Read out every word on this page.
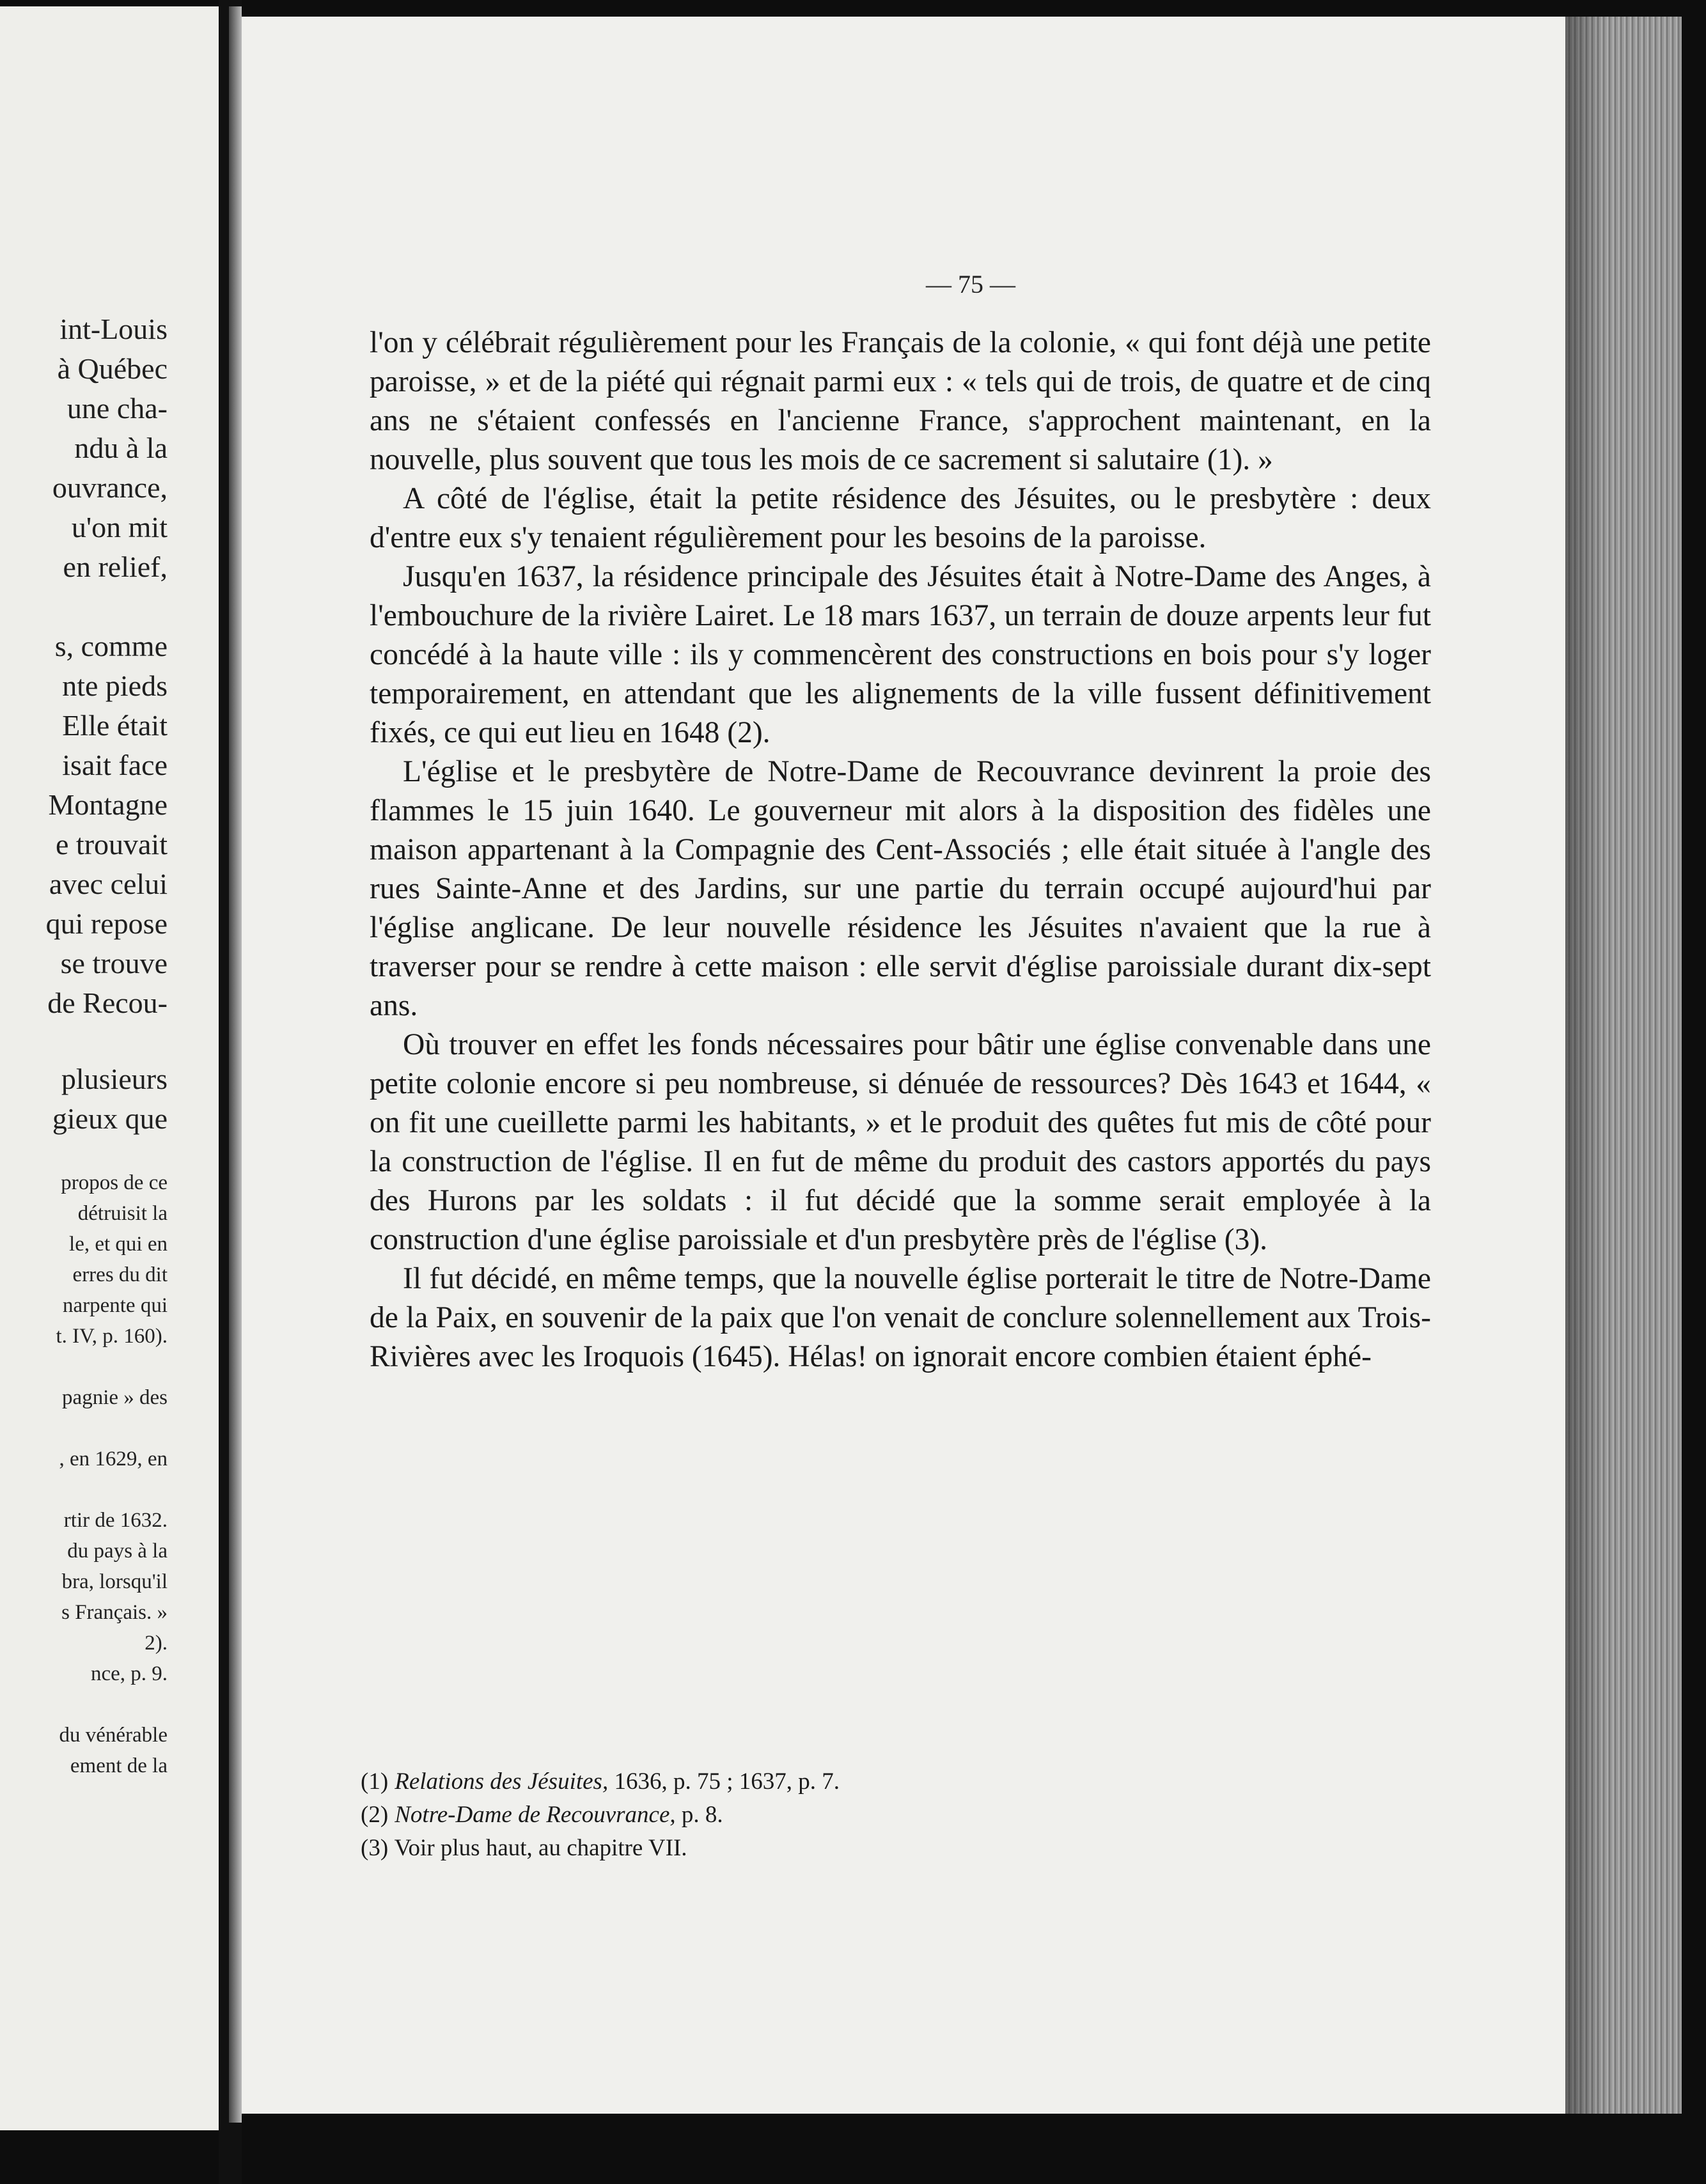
int-Louis
à Québec
une cha-
ndu à la
ouvrance,
u'on mit
en relief,
s, comme
nte pieds
Elle était
isait face
Montagne
e trouvait
avec celui
qui repose
se trouve
de Recou-
plusieurs
gieux que
propos de ce
détruisit la
le, et qui en
erres du dit
narpente qui
t. IV, p. 160).
pagnie » des
, en 1629, en
rtir de 1632.
du pays à la
bra, lorsqu'il
s Français. »
2).
nce, p. 9.
du vénérable
ement de la
— 75 —

l'on y célébrait régulièrement pour les Français de la colonie, « qui font déjà une petite paroisse, » et de la piété qui régnait parmi eux : « tels qui de trois, de quatre et de cinq ans ne s'étaient confessés en l'ancienne France, s'approchent maintenant, en la nouvelle, plus souvent que tous les mois de ce sacrement si salutaire (1). »

A côté de l'église, était la petite résidence des Jésuites, ou le presbytère : deux d'entre eux s'y tenaient régulièrement pour les besoins de la paroisse.

Jusqu'en 1637, la résidence principale des Jésuites était à Notre-Dame des Anges, à l'embouchure de la rivière Lairet. Le 18 mars 1637, un terrain de douze arpents leur fut concédé à la haute ville : ils y commencèrent des constructions en bois pour s'y loger temporairement, en attendant que les alignements de la ville fussent définitivement fixés, ce qui eut lieu en 1648 (2).

L'église et le presbytère de Notre-Dame de Recouvrance devinrent la proie des flammes le 15 juin 1640. Le gouverneur mit alors à la disposition des fidèles une maison appartenant à la Compagnie des Cent-Associés ; elle était située à l'angle des rues Sainte-Anne et des Jardins, sur une partie du terrain occupé aujourd'hui par l'église anglicane. De leur nouvelle résidence les Jésuites n'avaient que la rue à traverser pour se rendre à cette maison : elle servit d'église paroissiale durant dix-sept ans.

Où trouver en effet les fonds nécessaires pour bâtir une église convenable dans une petite colonie encore si peu nombreuse, si dénuée de ressources? Dès 1643 et 1644, « on fit une cueillette parmi les habitants, » et le produit des quêtes fut mis de côté pour la construction de l'église. Il en fut de même du produit des castors apportés du pays des Hurons par les soldats : il fut décidé que la somme serait employée à la construction d'une église paroissiale et d'un presbytère près de l'église (3).

Il fut décidé, en même temps, que la nouvelle église porterait le titre de Notre-Dame de la Paix, en souvenir de la paix que l'on venait de conclure solennellement aux Trois-Rivières avec les Iroquois (1645). Hélas! on ignorait encore combien étaient éphé-

(1) Relations des Jésuites, 1636, p. 75 ; 1637, p. 7.
(2) Notre-Dame de Recouvrance, p. 8.
(3) Voir plus haut, au chapitre VII.
